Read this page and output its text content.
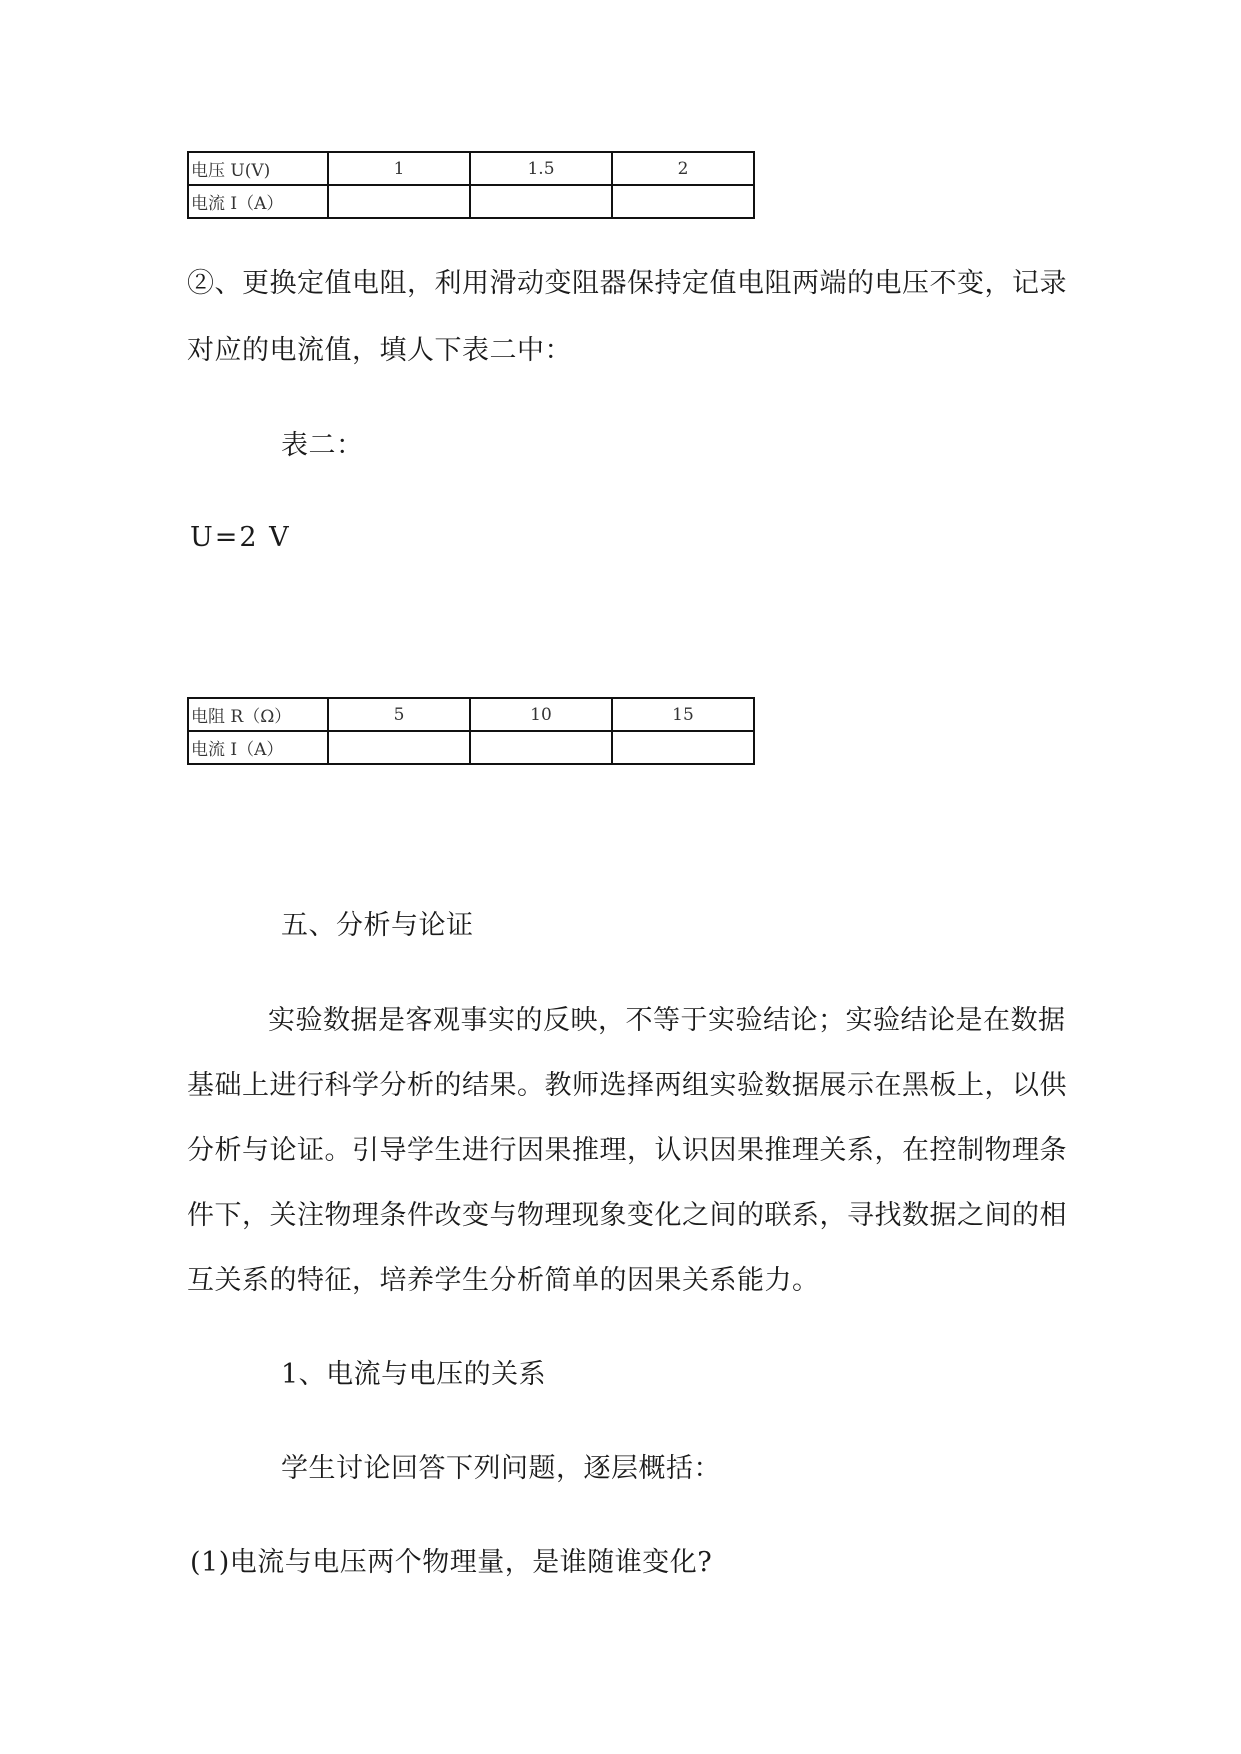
电压 U(V)	1	1.5	2
电流 I（A）			

②、更换定值电阻，利用滑动变阻器保持定值电阻两端的电压不变，记录

对应的电流值，填人下表二中：

表二：

U=2 V

电阻 R（Ω）	5	10	15
电流 I（A）			

五、分析与论证

实验数据是客观事实的反映，不等于实验结论；实验结论是在数据

基础上进行科学分析的结果。教师选择两组实验数据展示在黑板上，以供

分析与论证。引导学生进行因果推理，认识因果推理关系，在控制物理条

件下，关注物理条件改变与物理现象变化之间的联系，寻找数据之间的相

互关系的特征，培养学生分析简单的因果关系能力。

1、电流与电压的关系

学生讨论回答下列问题，逐层概括：

(1)电流与电压两个物理量，是谁随谁变化?
